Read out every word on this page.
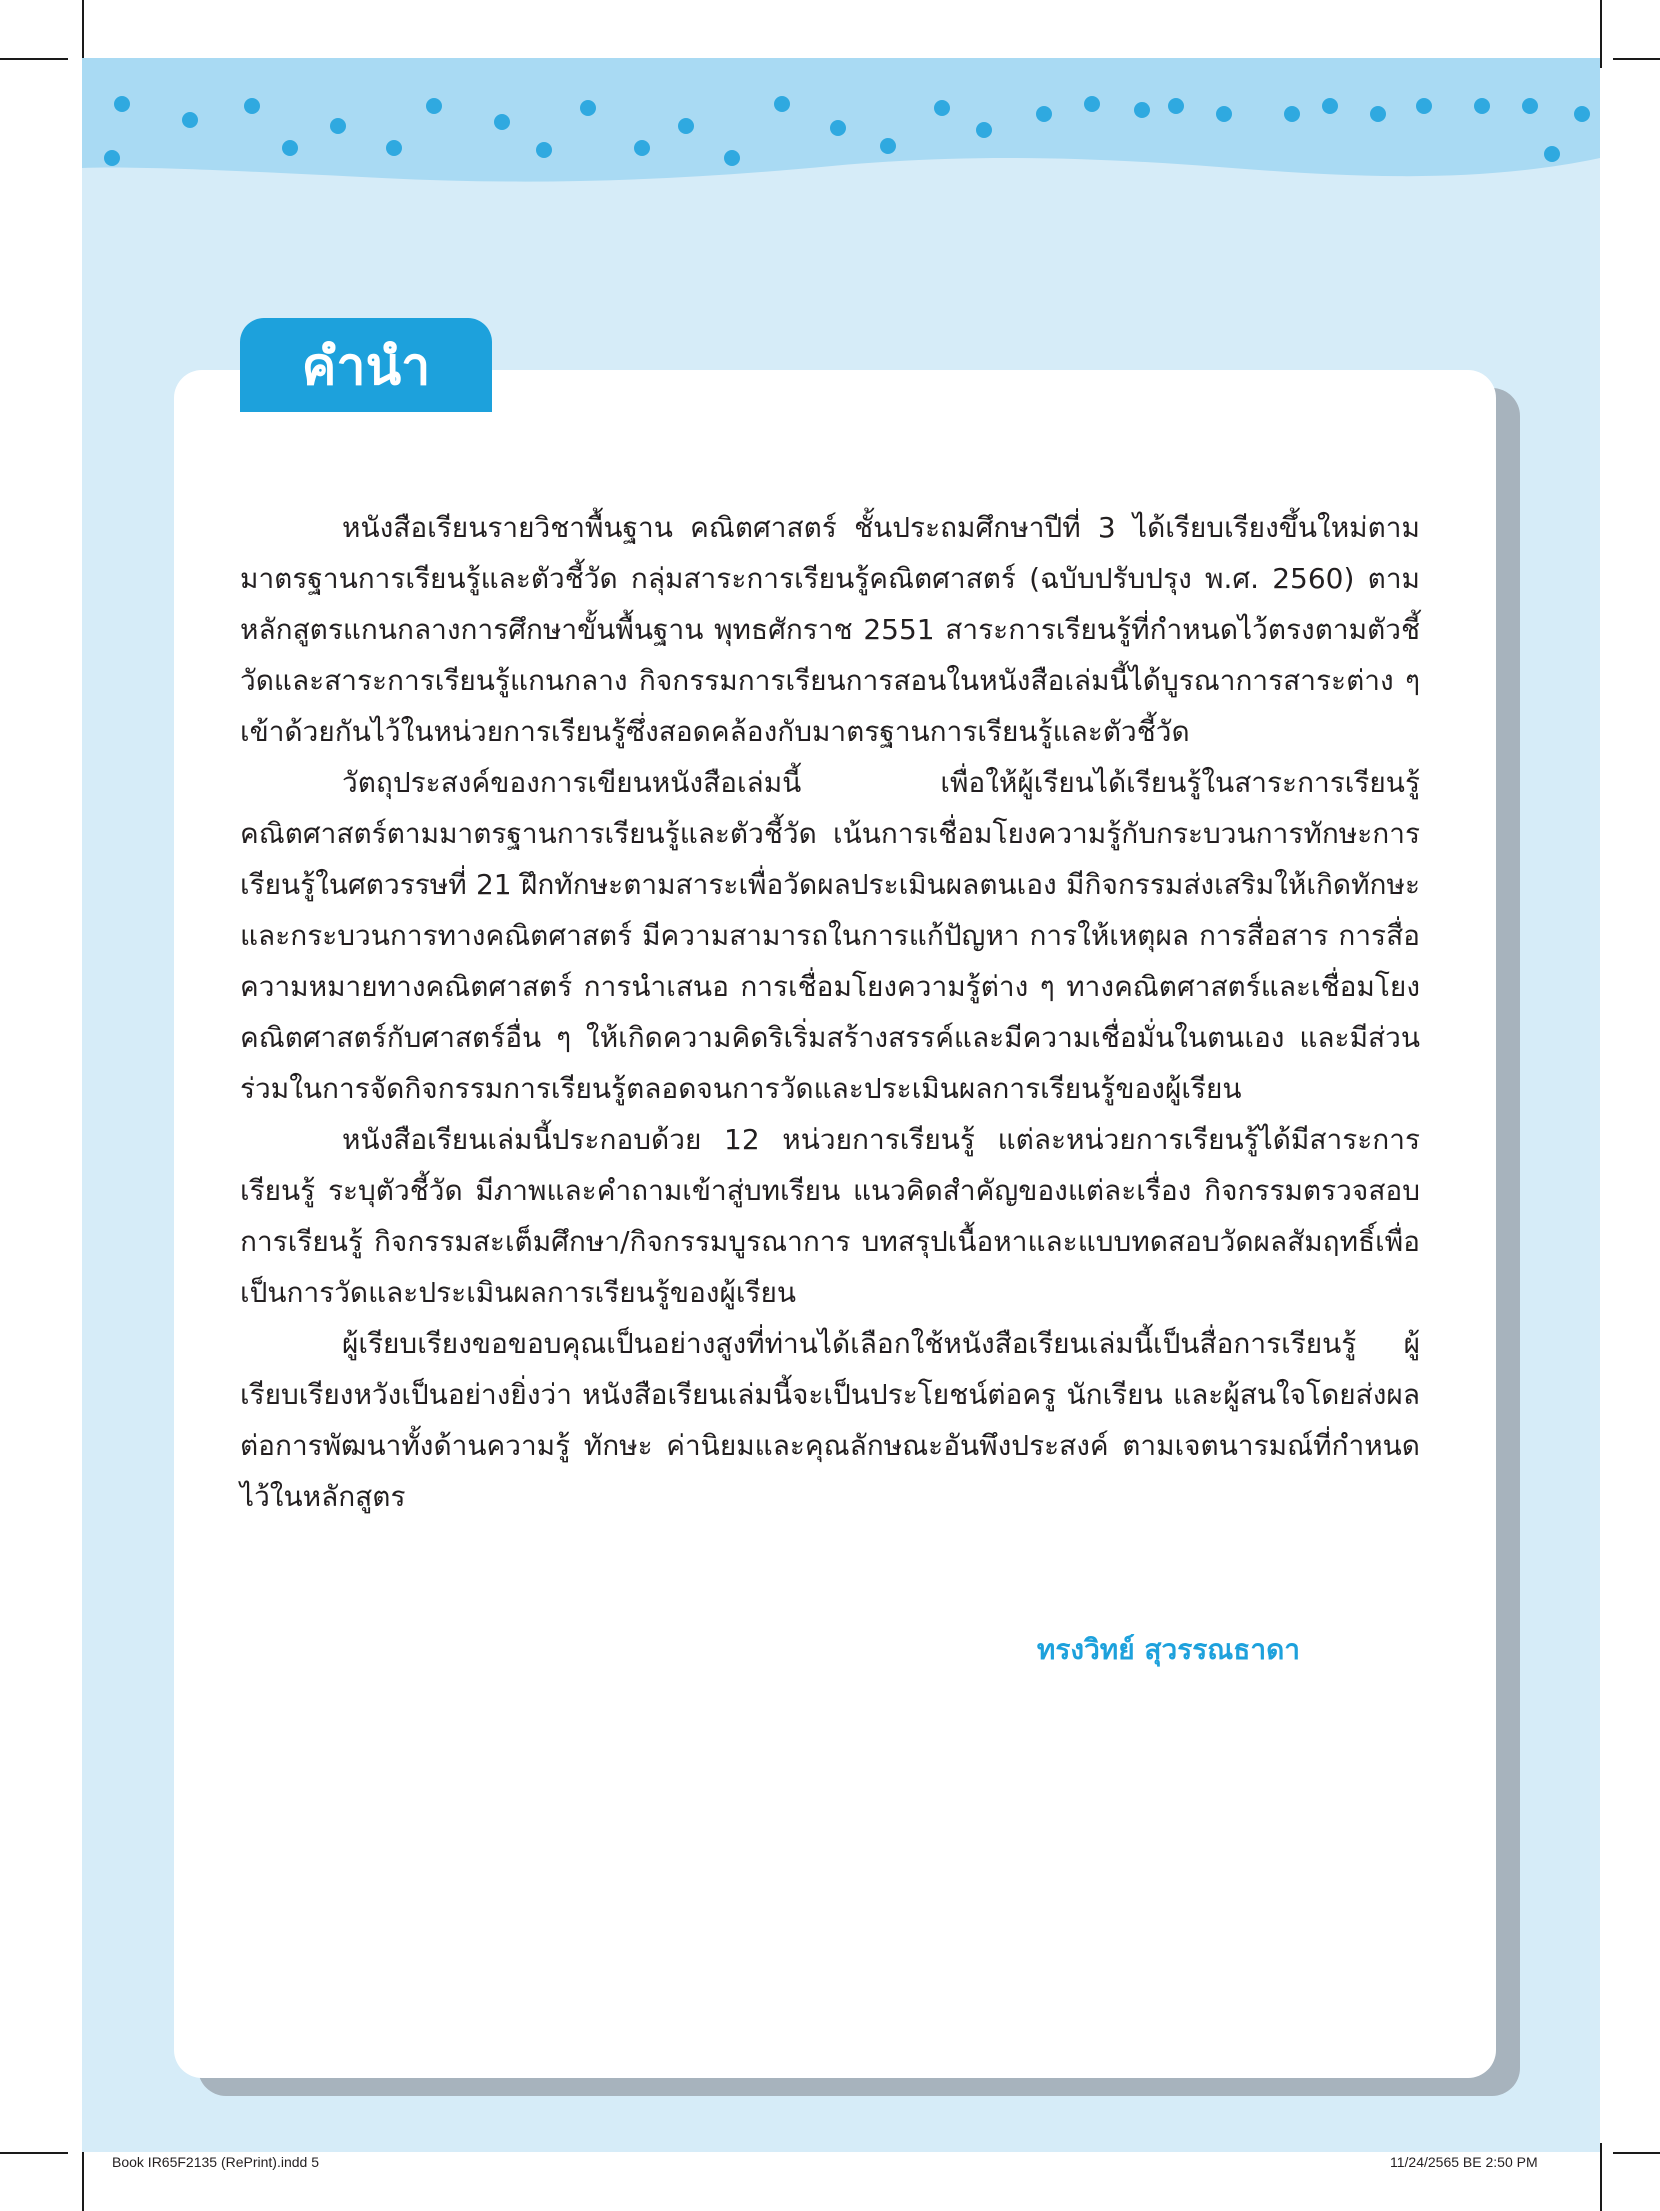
คำนำ

หนังสือเรียนรายวิชาพื้นฐาน คณิตศาสตร์ ชั้นประถมศึกษาปีที่ 3 ได้เรียบเรียงขึ้นใหม่ตามมาตรฐานการเรียนรู้และตัวชี้วัด กลุ่มสาระการเรียนรู้คณิตศาสตร์ (ฉบับปรับปรุง พ.ศ. 2560) ตามหลักสูตรแกนกลางการศึกษาขั้นพื้นฐาน พุทธศักราช 2551 สาระการเรียนรู้ที่กำหนดไว้ตรงตามตัวชี้วัดและสาระการเรียนรู้แกนกลาง กิจกรรมการเรียนการสอนในหนังสือเล่มนี้ได้บูรณาการสาระต่าง ๆ เข้าด้วยกันไว้ในหน่วยการเรียนรู้ซึ่งสอดคล้องกับมาตรฐานการเรียนรู้และตัวชี้วัด

วัตถุประสงค์ของการเขียนหนังสือเล่มนี้ เพื่อให้ผู้เรียนได้เรียนรู้ในสาระการเรียนรู้คณิตศาสตร์ตามมาตรฐานการเรียนรู้และตัวชี้วัด เน้นการเชื่อมโยงความรู้กับกระบวนการทักษะการเรียนรู้ในศตวรรษที่ 21 ฝึกทักษะตามสาระเพื่อวัดผลประเมินผลตนเอง มีกิจกรรมส่งเสริมให้เกิดทักษะและกระบวนการทางคณิตศาสตร์ มีความสามารถในการแก้ปัญหา การให้เหตุผล การสื่อสาร การสื่อความหมายทางคณิตศาสตร์ การนำเสนอ การเชื่อมโยงความรู้ต่าง ๆ ทางคณิตศาสตร์และเชื่อมโยงคณิตศาสตร์กับศาสตร์อื่น ๆ ให้เกิดความคิดริเริ่มสร้างสรรค์และมีความเชื่อมั่นในตนเอง และมีส่วนร่วมในการจัดกิจกรรมการเรียนรู้ตลอดจนการวัดและประเมินผลการเรียนรู้ของผู้เรียน

หนังสือเรียนเล่มนี้ประกอบด้วย 12 หน่วยการเรียนรู้ แต่ละหน่วยการเรียนรู้ได้มีสาระการเรียนรู้ ระบุตัวชี้วัด มีภาพและคำถามเข้าสู่บทเรียน แนวคิดสำคัญของแต่ละเรื่อง กิจกรรมตรวจสอบการเรียนรู้ กิจกรรมสะเต็มศึกษา/กิจกรรมบูรณาการ บทสรุปเนื้อหาและแบบทดสอบวัดผลสัมฤทธิ์เพื่อเป็นการวัดและประเมินผลการเรียนรู้ของผู้เรียน

ผู้เรียบเรียงขอขอบคุณเป็นอย่างสูงที่ท่านได้เลือกใช้หนังสือเรียนเล่มนี้เป็นสื่อการเรียนรู้ ผู้เรียบเรียงหวังเป็นอย่างยิ่งว่า หนังสือเรียนเล่มนี้จะเป็นประโยชน์ต่อครู นักเรียน และผู้สนใจโดยส่งผลต่อการพัฒนาทั้งด้านความรู้ ทักษะ ค่านิยมและคุณลักษณะอันพึงประสงค์ ตามเจตนารมณ์ที่กำหนดไว้ในหลักสูตร

ทรงวิทย์ สุวรรณธาดา
Book IR65F2135 (RePrint).indd 5	11/24/2565 BE 2:50 PM
